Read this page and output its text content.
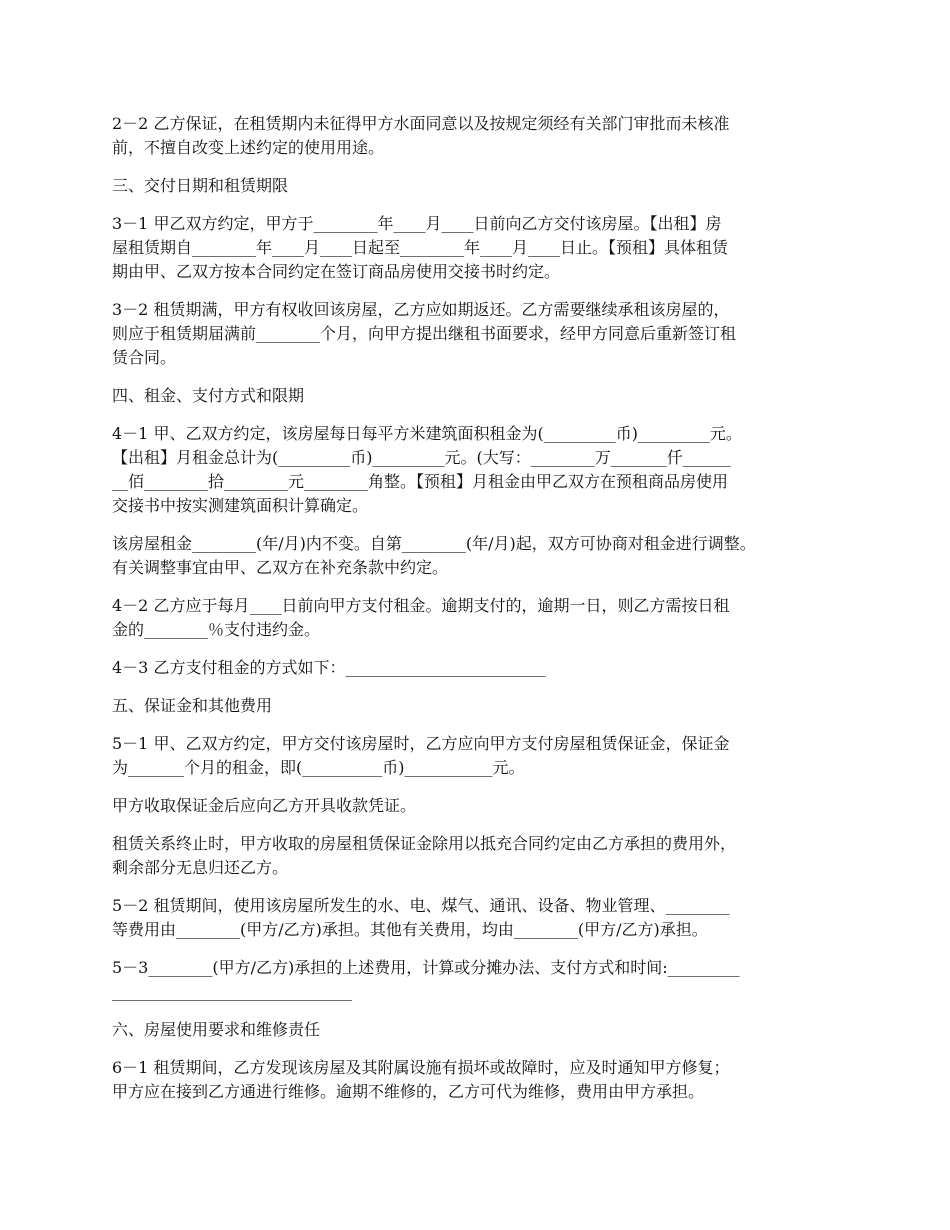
2－2 乙方保证，在租赁期内未征得甲方水面同意以及按规定须经有关部门审批而未核准
前，不擅自改变上述约定的使用用途。

三、交付日期和租赁期限

3－1 甲乙双方约定，甲方于________年____月____日前向乙方交付该房屋。【出租】房
屋租赁期自________年____月____日起至________年____月____日止。【预租】具体租赁
期由甲、乙双方按本合同约定在签订商品房使用交接书时约定。

3－2 租赁期满，甲方有权收回该房屋，乙方应如期返还。乙方需要继续承租该房屋的，
则应于租赁期届满前________个月，向甲方提出继租书面要求，经甲方同意后重新签订租
赁合同。

四、租金、支付方式和限期

4－1 甲、乙双方约定，该房屋每日每平方米建筑面积租金为(_________币)_________元。
【出租】月租金总计为(_________币)_________元。(大写：________万_______仟______
__佰________拾________元________角整。【预租】月租金由甲乙双方在预租商品房使用
交接书中按实测建筑面积计算确定。

该房屋租金________(年/月)内不变。自第________(年/月)起，双方可协商对租金进行调整。
有关调整事宜由甲、乙双方在补充条款中约定。

4－2 乙方应于每月____日前向甲方支付租金。逾期支付的，逾期一日，则乙方需按日租
金的________％支付违约金。

4－3 乙方支付租金的方式如下：_________________________

五、保证金和其他费用

5－1 甲、乙双方约定，甲方交付该房屋时，乙方应向甲方支付房屋租赁保证金，保证金
为_______个月的租金，即(__________币)___________元。

甲方收取保证金后应向乙方开具收款凭证。

租赁关系终止时，甲方收取的房屋租赁保证金除用以抵充合同约定由乙方承担的费用外，
剩余部分无息归还乙方。

5－2 租赁期间，使用该房屋所发生的水、电、煤气、通讯、设备、物业管理、________
等费用由________(甲方/乙方)承担。其他有关费用，均由________(甲方/乙方)承担。

5－3________(甲方/乙方)承担的上述费用，计算或分摊办法、支付方式和时间:_________
______________________________

六、房屋使用要求和维修责任

6－1 租赁期间，乙方发现该房屋及其附属设施有损坏或故障时，应及时通知甲方修复；
甲方应在接到乙方通进行维修。逾期不维修的，乙方可代为维修，费用由甲方承担。
